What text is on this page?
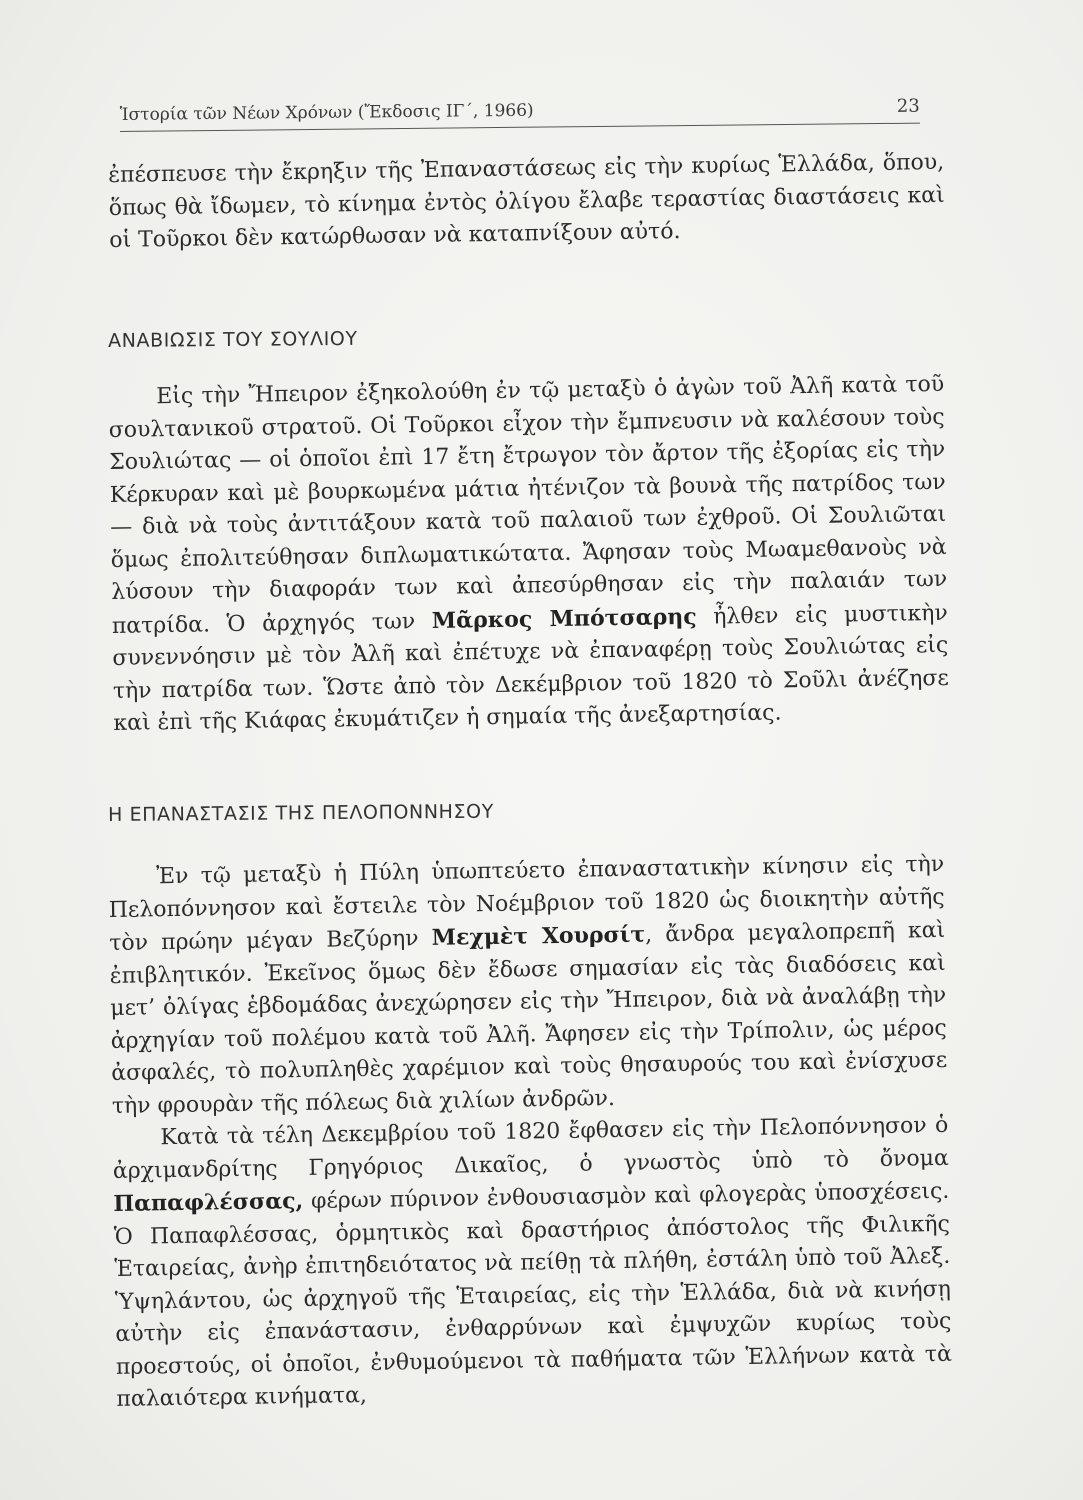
Ἱστορία τῶν Νέων Χρόνων (Ἔκδοσις ΙΓ΄, 1966)	23

ἐπέσπευσε τὴν ἔκρηξιν τῆς Ἐπαναστάσεως εἰς τὴν κυρίως Ἑλλάδα, ὅπου, ὅπως θὰ ἴδωμεν, τὸ κίνημα ἐντὸς ὀλίγου ἔλαβε τεραστίας διαστάσεις καὶ οἱ Τοῦρκοι δὲν κατώρθωσαν νὰ καταπνίξουν αὐτό.

ΑΝΑΒΙΩΣΙΣ ΤΟΥ ΣΟΥΛΙΟΥ

Εἰς τὴν Ἤπειρον ἐξηκολούθη ἐν τῷ μεταξὺ ὁ ἀγὼν τοῦ Ἀλῆ κατὰ τοῦ σουλτανικοῦ στρατοῦ. Οἱ Τοῦρκοι εἶχον τὴν ἔμπνευσιν νὰ καλέσουν τοὺς Σουλιώτας — οἱ ὁποῖοι ἐπὶ 17 ἔτη ἔτρωγον τὸν ἄρτον τῆς ἐξορίας εἰς τὴν Κέρκυραν καὶ μὲ βουρκωμένα μάτια ἠτένιζον τὰ βουνὰ τῆς πατρίδος των — διὰ νὰ τοὺς ἀντιτάξουν κατὰ τοῦ παλαιοῦ των ἐχθροῦ. Οἱ Σουλιῶται ὅμως ἐπολιτεύθησαν διπλωματικώτατα. Ἄφησαν τοὺς Μωαμεθανοὺς νὰ λύσουν τὴν διαφοράν των καὶ ἀπεσύρθησαν εἰς τὴν παλαιάν των πατρίδα. Ὁ ἀρχηγός των Μᾶρκος Μπότσαρης ἦλθεν εἰς μυστικὴν συνεννόησιν μὲ τὸν Ἀλῆ καὶ ἐπέτυχε νὰ ἐπαναφέρῃ τοὺς Σουλιώτας εἰς τὴν πατρίδα των. Ὥστε ἀπὸ τὸν Δεκέμβριον τοῦ 1820 τὸ Σοῦλι ἀνέζησε καὶ ἐπὶ τῆς Κιάφας ἐκυμάτιζεν ἡ σημαία τῆς ἀνεξαρτησίας.

Η ΕΠΑΝΑΣΤΑΣΙΣ ΤΗΣ ΠΕΛΟΠΟΝΝΗΣΟΥ

Ἐν τῷ μεταξὺ ἡ Πύλη ὑπωπτεύετο ἐπαναστατικὴν κίνησιν εἰς τὴν Πελοπόννησον καὶ ἔστειλε τὸν Νοέμβριον τοῦ 1820 ὡς διοικητὴν αὐτῆς τὸν πρώην μέγαν Βεζύρην Μεχμὲτ Χουρσίτ, ἄνδρα μεγαλοπρεπῆ καὶ ἐπιβλητικόν. Ἐκεῖνος ὅμως δὲν ἔδωσε σημασίαν εἰς τὰς διαδόσεις καὶ μετ’ ὀλίγας ἑβδομάδας ἀνεχώρησεν εἰς τὴν Ἤπειρον, διὰ νὰ ἀναλάβῃ τὴν ἀρχηγίαν τοῦ πολέμου κατὰ τοῦ Ἀλῆ. Ἄφησεν εἰς τὴν Τρίπολιν, ὡς μέρος ἀσφαλές, τὸ πολυπληθὲς χαρέμιον καὶ τοὺς θησαυρούς του καὶ ἐνίσχυσε τὴν φρουρὰν τῆς πόλεως διὰ χιλίων ἀνδρῶν.

Κατὰ τὰ τέλη Δεκεμβρίου τοῦ 1820 ἔφθασεν εἰς τὴν Πελοπόννησον ὁ ἀρχιμανδρίτης Γρηγόριος Δικαῖος, ὁ γνωστὸς ὑπὸ τὸ ὄνομα Παπαφλέσσας, φέρων πύρινον ἐνθουσιασμὸν καὶ φλογερὰς ὑποσχέσεις. Ὁ Παπαφλέσσας, ὁρμητικὸς καὶ δραστήριος ἀπόστολος τῆς Φιλικῆς Ἑταιρείας, ἀνὴρ ἐπιτηδειότατος νὰ πείθῃ τὰ πλήθη, ἐστάλη ὑπὸ τοῦ Ἀλεξ. Ὑψηλάντου, ὡς ἀρχηγοῦ τῆς Ἑταιρείας, εἰς τὴν Ἑλλάδα, διὰ νὰ κινήσῃ αὐτὴν εἰς ἐπανάστασιν, ἐνθαρρύνων καὶ ἐμψυχῶν κυρίως τοὺς προεστούς, οἱ ὁποῖοι, ἐνθυμούμενοι τὰ παθήματα τῶν Ἑλλήνων κατὰ τὰ παλαιότερα κινήματα,
